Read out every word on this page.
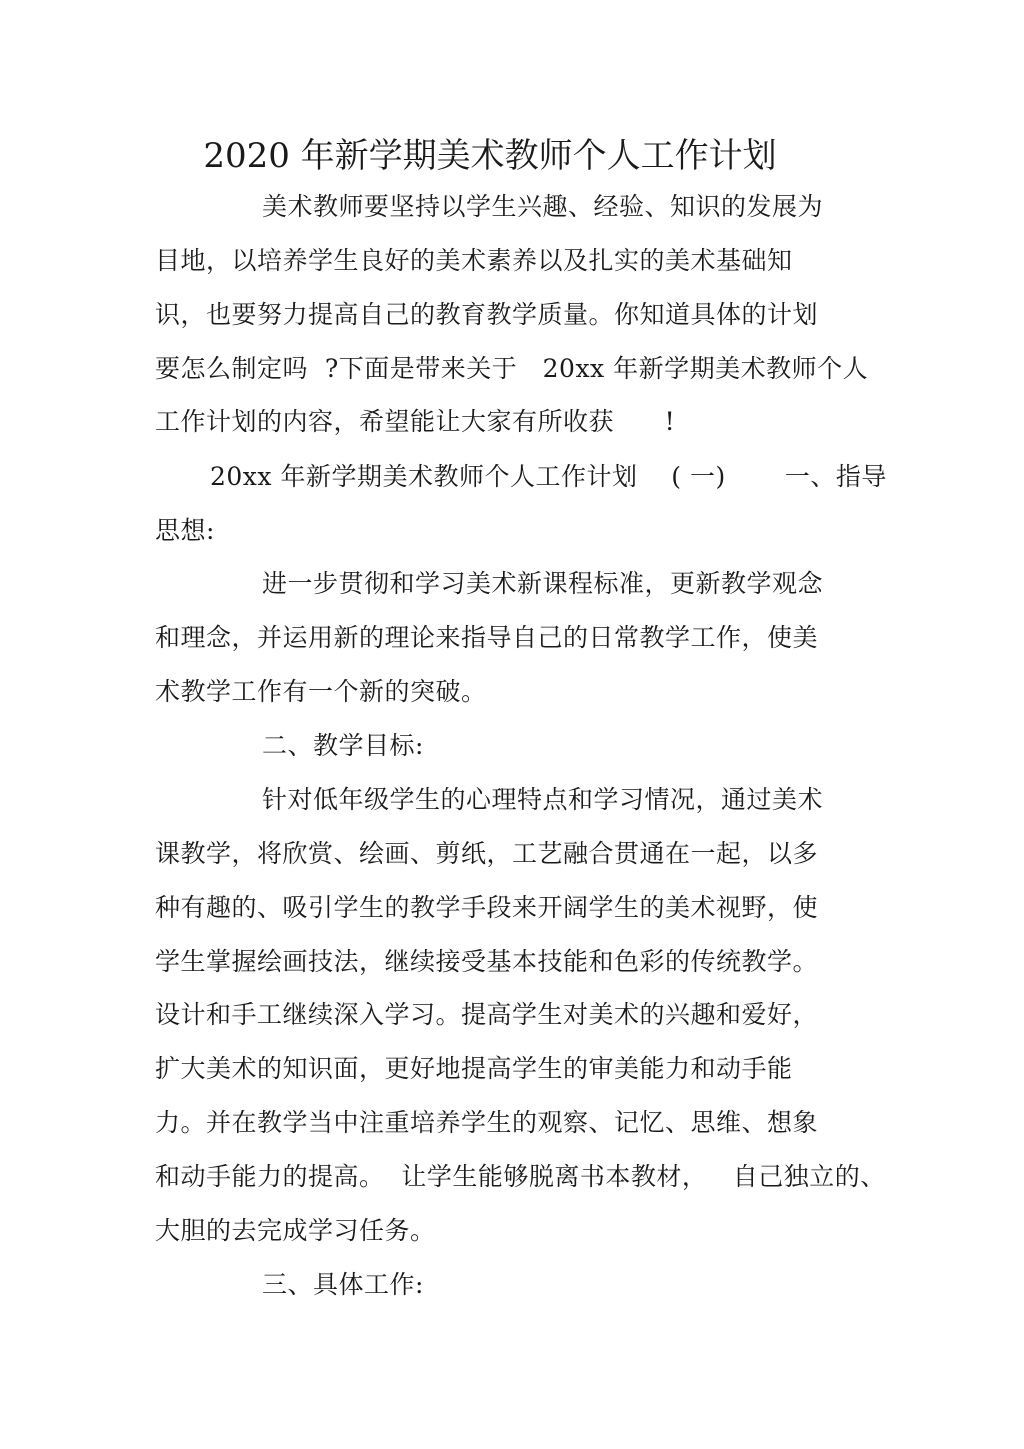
2020 年新学期美术教师个人工作计划
美术教师要坚持以学生兴趣、经验、知识的发展为
目地，以培养学生良好的美术素养以及扎实的美术基础知
识，也要努力提高自己的教育教学质量。你知道具体的计划
要怎么制定吗  ?下面是带来关于   20xx 年新学期美术教师个人
工作计划的内容，希望能让大家有所收获      !
20xx 年新学期美术教师个人工作计划    ( 一)       一、指导
思想:
进一步贯彻和学习美术新课程标准，更新教学观念
和理念，并运用新的理论来指导自己的日常教学工作，使美
术教学工作有一个新的突破。
二、教学目标:
针对低年级学生的心理特点和学习情况，通过美术
课教学，将欣赏、绘画、剪纸，工艺融合贯通在一起，以多
种有趣的、吸引学生的教学手段来开阔学生的美术视野，使
学生掌握绘画技法，继续接受基本技能和色彩的传统教学。
设计和手工继续深入学习。提高学生对美术的兴趣和爱好，
扩大美术的知识面，更好地提高学生的审美能力和动手能
力。并在教学当中注重培养学生的观察、记忆、思维、想象
和动手能力的提高。  让学生能够脱离书本教材，   自己独立的、
大胆的去完成学习任务。
三、具体工作:
